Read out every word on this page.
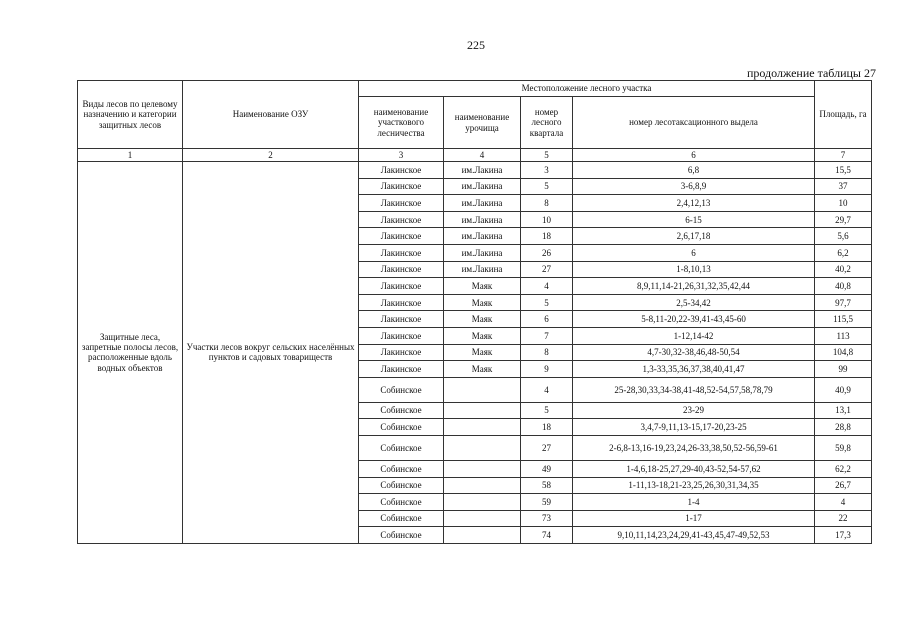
225
продолжение таблицы 27
Виды лесов по целевому назначению и категории защитных лесов	Наименование ОЗУ	Местоположение лесного участка				Площадь, га
		наименование участкового лесничества	наименование урочища	номер лесного квартала	номер лесотаксационного выдела	
1	2	3	4	5	6	7
Защитные леса, запретные полосы лесов, расположенные вдоль водных объектов	Участки лесов вокруг сельских населённых пунктов и садовых товариществ	Лакинское	им.Лакина	3	6,8	15,5
		Лакинское	им.Лакина	5	3-6,8,9	37
		Лакинское	им.Лакина	8	2,4,12,13	10
		Лакинское	им.Лакина	10	6-15	29,7
		Лакинское	им.Лакина	18	2,6,17,18	5,6
		Лакинское	им.Лакина	26	6	6,2
		Лакинское	им.Лакина	27	1-8,10,13	40,2
		Лакинское	Маяк	4	8,9,11,14-21,26,31,32,35,42,44	40,8
		Лакинское	Маяк	5	2,5-34,42	97,7
		Лакинское	Маяк	6	5-8,11-20,22-39,41-43,45-60	115,5
		Лакинское	Маяк	7	1-12,14-42	113
		Лакинское	Маяк	8	4,7-30,32-38,46,48-50,54	104,8
		Лакинское	Маяк	9	1,3-33,35,36,37,38,40,41,47	99
		Собинское		4	25-28,30,33,34-38,41-48,52-54,57,58,78,79	40,9
		Собинское		5	23-29	13,1
		Собинское		18	3,4,7-9,11,13-15,17-20,23-25	28,8
		Собинское		27	2-6,8-13,16-19,23,24,26-33,38,50,52-56,59-61	59,8
		Собинское		49	1-4,6,18-25,27,29-40,43-52,54-57,62	62,2
		Собинское		58	1-11,13-18,21-23,25,26,30,31,34,35	26,7
		Собинское		59	1-4	4
		Собинское		73	1-17	22
		Собинское		74	9,10,11,14,23,24,29,41-43,45,47-49,52,53	17,3
